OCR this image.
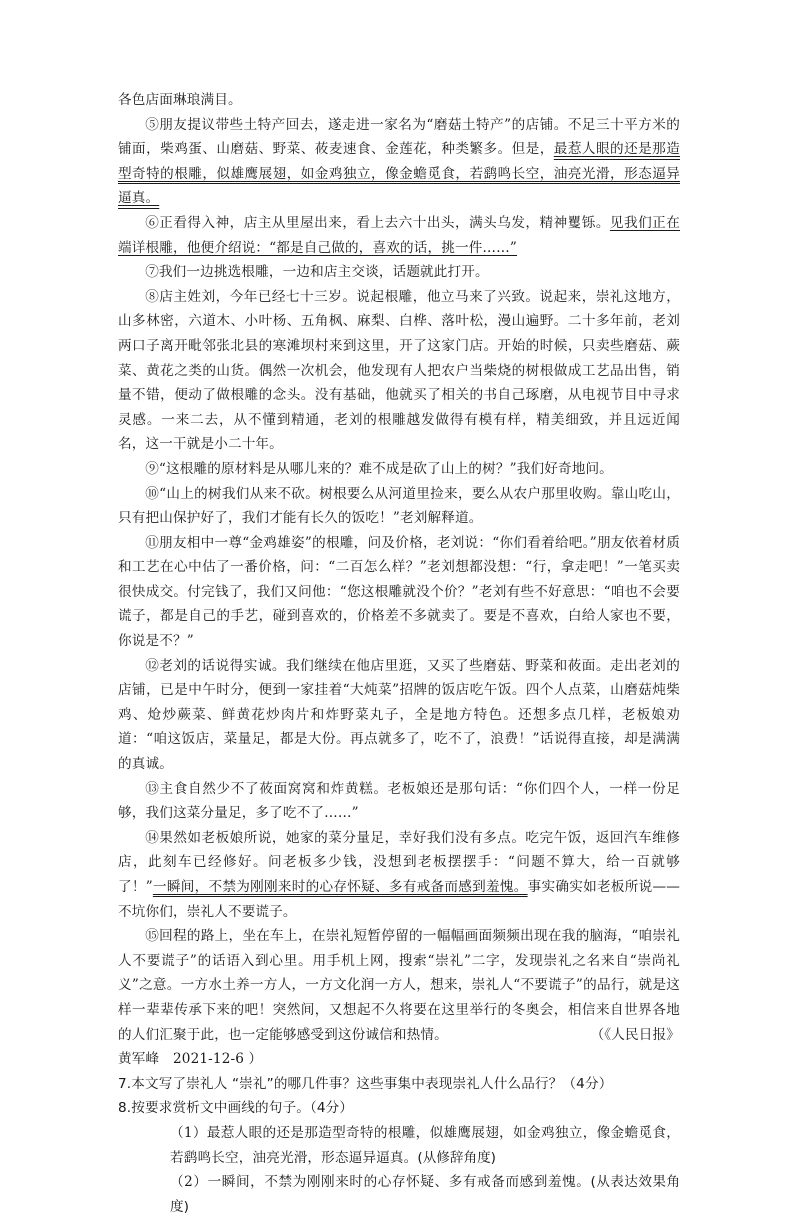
各色店面琳琅满目。

⑤朋友提议带些土特产回去，遂走进一家名为“磨菇土特产”的店铺。不足三十平方米的铺面，柴鸡蛋、山磨菇、野菜、莜麦速食、金莲花，种类繁多。但是，最惹人眼的还是那造型奇特的根雕，似雄鹰展翅，如金鸡独立，像金蟾觅食，若鹞鸣长空，油亮光滑，形态逼异逼真。

⑥正看得入神，店主从里屋出来，看上去六十出头，满头乌发，精神矍铄。见我们正在端详根雕，他便介绍说：“都是自己做的，喜欢的话，挑一件……”

⑦我们一边挑选根雕，一边和店主交谈，话题就此打开。

⑧店主姓刘，今年已经七十三岁。说起根雕，他立马来了兴致。说起来，崇礼这地方，山多林密，六道木、小叶杨、五角枫、麻梨、白桦、落叶松，漫山遍野。二十多年前，老刘两口子离开毗邻张北县的寒滩坝村来到这里，开了这家门店。开始的时候，只卖些磨菇、蕨菜、黄花之类的山货。偶然一次机会，他发现有人把农户当柴烧的树根做成工艺品出售，销量不错，便动了做根雕的念头。没有基础，他就买了相关的书自己琢磨，从电视节目中寻求灵感。一来二去，从不懂到精通，老刘的根雕越发做得有模有样，精美细致，并且远近闻名，这一干就是小二十年。

⑨“这根雕的原材料是从哪儿来的？难不成是砍了山上的树？”我们好奇地问。

⑩“山上的树我们从来不砍。树根要么从河道里捡来，要么从农户那里收购。靠山吃山，只有把山保护好了，我们才能有长久的饭吃！”老刘解释道。

⑪朋友相中一尊“金鸡雄姿”的根雕，问及价格，老刘说：“你们看着给吧。”朋友依着材质和工艺在心中估了一番价格，问：“二百怎么样？”老刘想都没想：“行，拿走吧！”一笔买卖很快成交。付完钱了，我们又问他：“您这根雕就没个价？”老刘有些不好意思：“咱也不会要谎子，都是自己的手艺，碰到喜欢的，价格差不多就卖了。要是不喜欢，白给人家也不要，你说是不？”

⑫老刘的话说得实诚。我们继续在他店里逛，又买了些磨菇、野菜和莜面。走出老刘的店铺，已是中午时分，便到一家挂着“大炖菜”招牌的饭店吃午饭。四个人点菜，山磨菇炖柴鸡、炝炒蕨菜、鲜黄花炒肉片和炸野菜丸子，全是地方特色。还想多点几样，老板娘劝道：“咱这饭店，菜量足，都是大份。再点就多了，吃不了，浪费！”话说得直接，却是满满的真诚。

⑬主食自然少不了莜面窝窝和炸黄糕。老板娘还是那句话：“你们四个人，一样一份足够，我们这菜分量足，多了吃不了……”

⑭果然如老板娘所说，她家的菜分量足，幸好我们没有多点。吃完午饭，返回汽车维修店，此刻车已经修好。问老板多少钱，没想到老板摆摆手：“问题不算大，给一百就够了！”一瞬间，不禁为刚刚来时的心存怀疑、多有戒备而感到羞愧。事实确实如老板所说——不坑你们，崇礼人不要谎子。

⑮回程的路上，坐在车上，在崇礼短暂停留的一幅幅画面频频出现在我的脑海，“咱崇礼人不要谎子”的话语入到心里。用手机上网，搜索“崇礼”二字，发现崇礼之名来自“崇尚礼义”之意。一方水土养一方人，一方文化润一方人，想来，崇礼人“不要谎子”的品行，就是这样一辈辈传承下来的吧！突然间，又想起不久将要在这里举行的冬奥会，相信来自世界各地的人们汇聚于此，也一定能够感受到这份诚信和热情。	（《人民日报》

黄军峰　2021-12-6 ）

7.本文写了崇礼人 “崇礼”的哪几件事？这些事集中表现崇礼人什么品行？（4分）

8.按要求赏析文中画线的句子。（4分）

（1）最惹人眼的还是那造型奇特的根雕，似雄鹰展翅，如金鸡独立，像金蟾觅食，若鹞鸣长空，油亮光滑，形态逼异逼真。(从修辞角度)

（2）一瞬间，不禁为刚刚来时的心存怀疑、多有戒备而感到羞愧。(从表达效果角度)
